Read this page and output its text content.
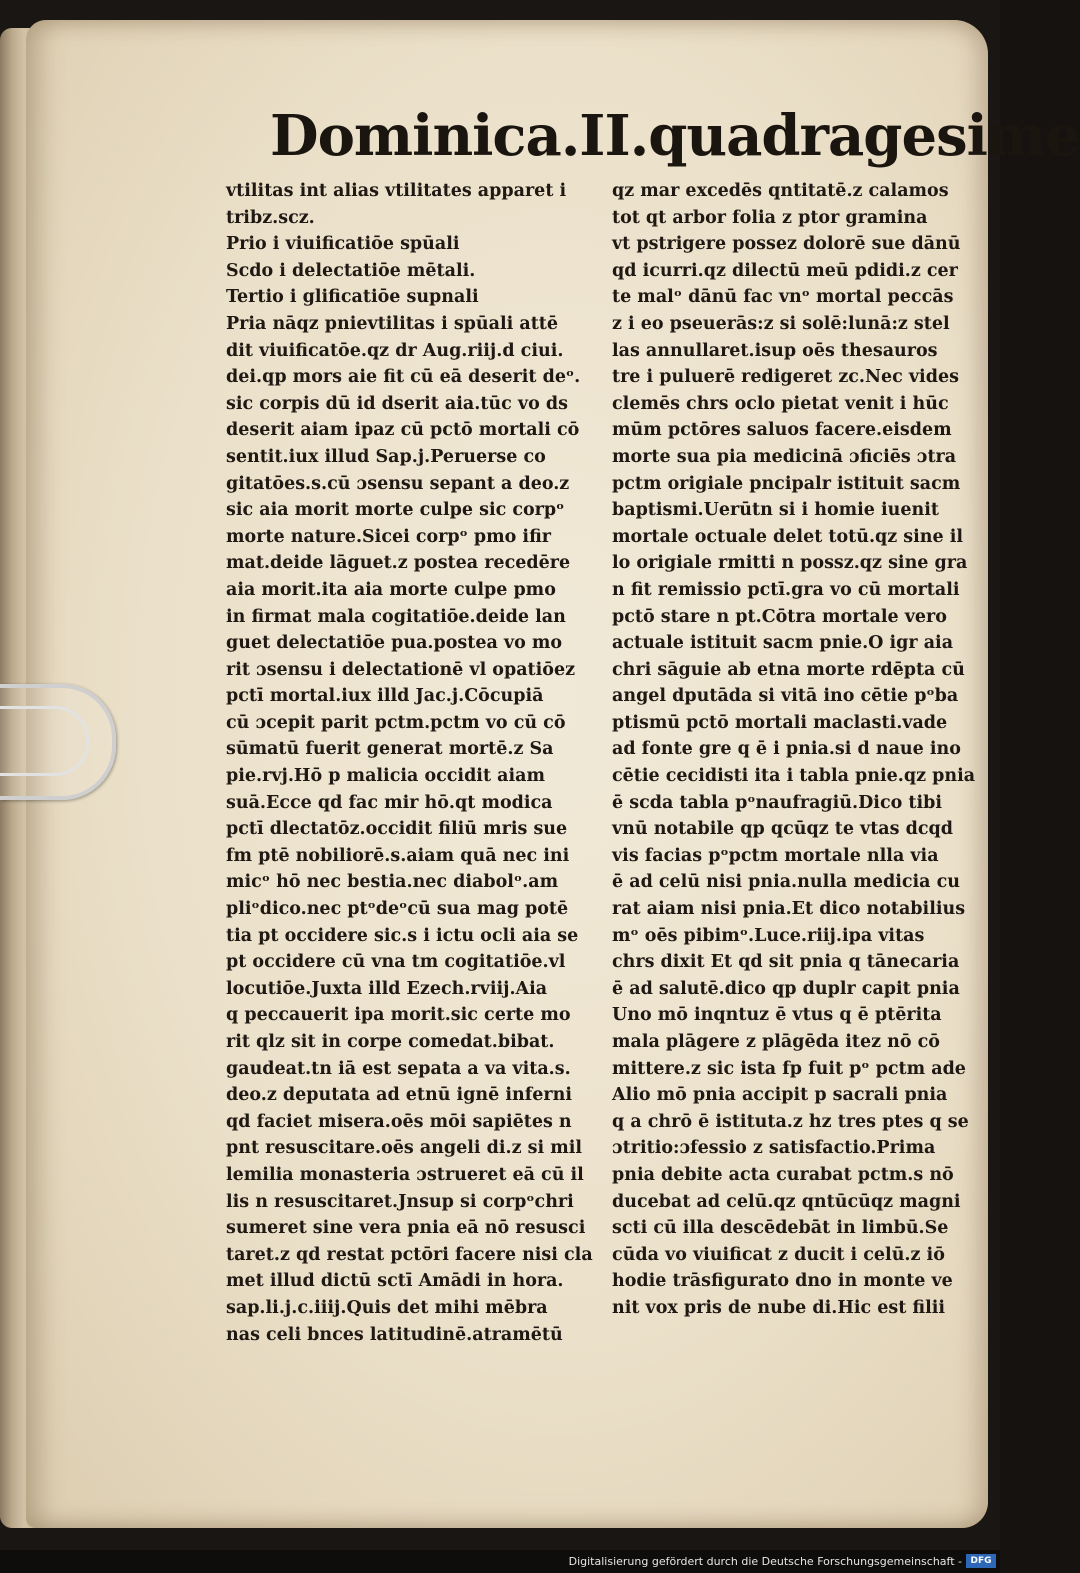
Dominica.II.quadragesime
vtilitas int alias vtilitates apparet i
tribz.scz.
Prio i viuificatiōe spūali
Scdo i delectatiōe mētali.
Tertio i glificatiōe supnali
Pria nāqz pnievtilitas i spūali attē
dit viuificatōe.qz dr Aug.riij.d ciui.
dei.qp mors aie fit cū eā deserit deᵒ.
sic corpis dū id dserit aia.tūc vo ds
deserit aiam ipaz cū pctō mortali cō
sentit.iux illud Sap.j.Peruerse co
gitatōes.s.cū ɔsensu sepant a deo.z
sic aia morit morte culpe sic corpᵒ
morte nature.Sicei corpᵒ pmo ifir
mat.deide lāguet.z postea recedēre
aia morit.ita aia morte culpe pmo
in firmat mala cogitatiōe.deide lan
guet delectatiōe pua.postea vo mo
rit ɔsensu i delectationē vl opatiōez
pctī mortal.iux illd Jac.j.Cōcupiā
cū ɔcepit parit pctm.pctm vo cū cō
sūmatū fuerit generat mortē.z Sa
pie.rvj.Hō p malicia occidit aiam
suā.Ecce qd fac mir hō.qt modica
pctī dlectatōz.occidit filiū mris sue
fm ptē nobiliorē.s.aiam quā nec ini
micᵒ hō nec bestia.nec diabolᵒ.am
pliᵒdico.nec ptᵒdeᵒcū sua mag potē
tia pt occidere sic.s i ictu ocli aia se
pt occidere cū vna tm cogitatiōe.vl
locutiōe.Juxta illd Ezech.rviij.Aia
q peccauerit ipa morit.sic certe mo
rit qlz sit in corpe comedat.bibat.
gaudeat.tn iā est sepata a va vita.s.
deo.z deputata ad etnū ignē inferni
qd faciet misera.oēs mōi sapiētes n
pnt resuscitare.oēs angeli di.z si mil
lemilia monasteria ɔstrueret eā cū il
lis n resuscitaret.Jnsup si corpᵒchri
sumeret sine vera pnia eā nō resusci
taret.z qd restat pctōri facere nisi cla
met illud dictū sctī Amādi in hora.
sap.li.j.c.iiij.Quis det mihi mēbra
nas celi bnces latitudinē.atramētū
qz mar excedēs qntitatē.z calamos
tot qt arbor folia z ptor gramina
vt pstrigere possez dolorē sue dānū
qd icurri.qz dilectū meū pdidi.z cer
te malᵒ dānū fac vnᵒ mortal peccās
z i eo pseuerās:z si solē:lunā:z stel
las annullaret.isup oēs thesauros
tre i puluerē redigeret zc.Nec vides
clemēs chrs oclo pietat venit i hūc
mūm pctōres saluos facere.eisdem
morte sua pia medicinā ɔficiēs ɔtra
pctm origiale pncipalr istituit sacm
baptismi.Uerūtn si i homie iuenit
mortale octuale delet totū.qz sine il
lo origiale rmitti n possz.qz sine gra
n fit remissio pctī.gra vo cū mortali
pctō stare n pt.Cōtra mortale vero
actuale istituit sacm pnie.O igr aia
chri sāguie ab etna morte rdēpta cū
angel dputāda si vitā ino cētie pᵒba
ptismū pctō mortali maclasti.vade
ad fonte gre q ē i pnia.si d naue ino
cētie cecidisti ita i tabla pnie.qz pnia
ē scda tabla pᵒnaufragiū.Dico tibi
vnū notabile qp qcūqz te vtas dcqd
vis facias pᵒpctm mortale nlla via
ē ad celū nisi pnia.nulla medicia cu
rat aiam nisi pnia.Et dico notabilius
mᵒ oēs pibimᵒ.Luce.riij.ipa vitas
chrs dixit Et qd sit pnia q tānecaria
ē ad salutē.dico qp duplr capit pnia
Uno mō inqntuz ē vtus q ē ptērita
mala plāgere z plāgēda itez nō cō
mittere.z sic ista fp fuit pᵒ pctm ade
Alio mō pnia accipit p sacrali pnia
q a chrō ē istituta.z hz tres ptes q se
ɔtritio:ɔfessio z satisfactio.Prima
pnia debite acta curabat pctm.s nō
ducebat ad celū.qz qntūcūqz magni
scti cū illa descēdebāt in limbū.Se
cūda vo viuificat z ducit i celū.z iō
hodie trāsfigurato dno in monte ve
nit vox pris de nube di.Hic est filii
Digitalisierung gefördert durch die Deutsche Forschungsgemeinschaft - DFG
